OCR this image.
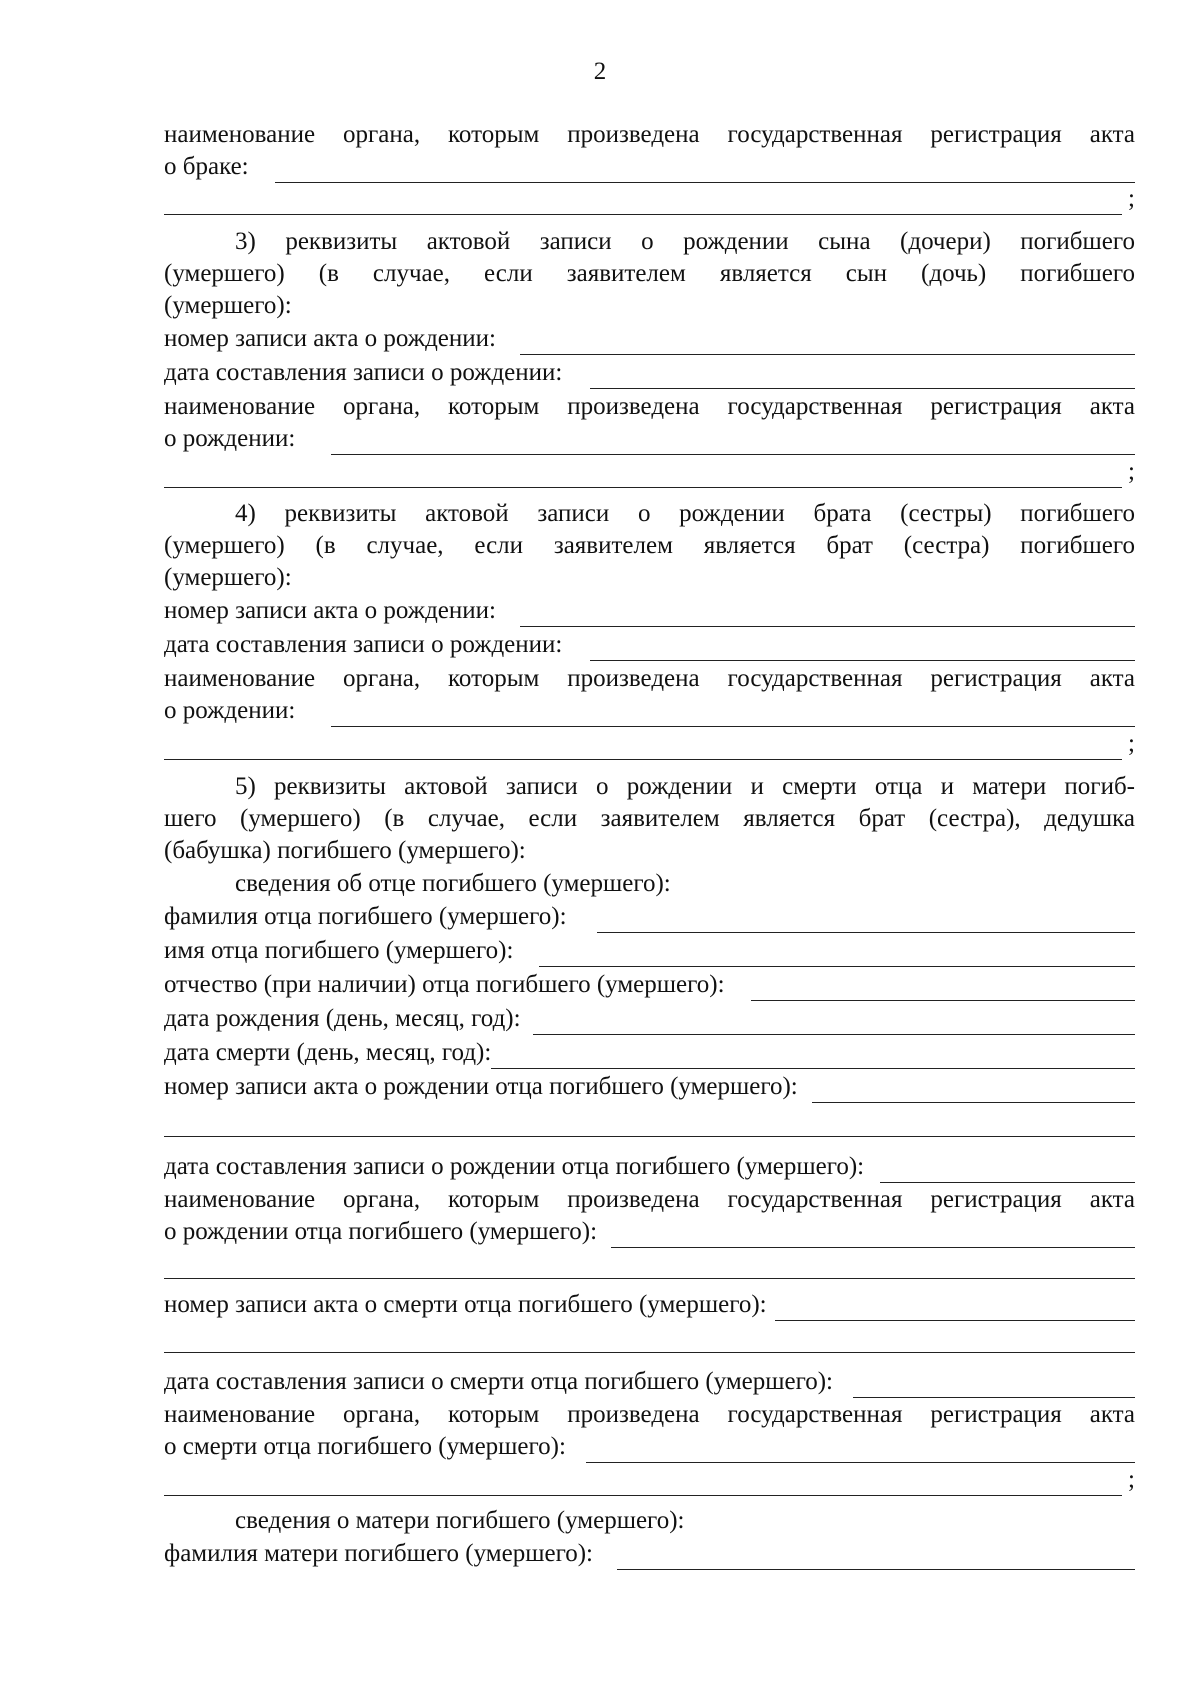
2
наименование органа, которым произведена государственная регистрация акта
о браке:
;
3) реквизиты актовой записи о рождении сына (дочери) погибшего
(умершего) (в случае, если заявителем является сын (дочь) погибшего
(умершего):
номер записи акта о рождении:
дата составления записи о рождении:
наименование органа, которым произведена государственная регистрация акта
о рождении:
;
4) реквизиты актовой записи о рождении брата (сестры) погибшего
(умершего) (в случае, если заявителем является брат (сестра) погибшего
(умершего):
номер записи акта о рождении:
дата составления записи о рождении:
наименование органа, которым произведена государственная регистрация акта
о рождении:
;
5) реквизиты актовой записи о рождении и смерти отца и матери погиб-
шего (умершего) (в случае, если заявителем является брат (сестра), дедушка
(бабушка) погибшего (умершего):
сведения об отце погибшего (умершего):
фамилия отца погибшего (умершего):
имя отца погибшего (умершего):
отчество (при наличии) отца погибшего (умершего):
дата рождения (день, месяц, год):
дата смерти (день, месяц, год):
номер записи акта о рождении отца погибшего (умершего):
дата составления записи о рождении отца погибшего (умершего):
наименование органа, которым произведена государственная регистрация акта
о рождении отца погибшего (умершего):
номер записи акта о смерти отца погибшего (умершего):
дата составления записи о смерти отца погибшего (умершего):
наименование органа, которым произведена государственная регистрация акта
о смерти отца погибшего (умершего):
;
сведения о матери погибшего (умершего):
фамилия матери погибшего (умершего):
